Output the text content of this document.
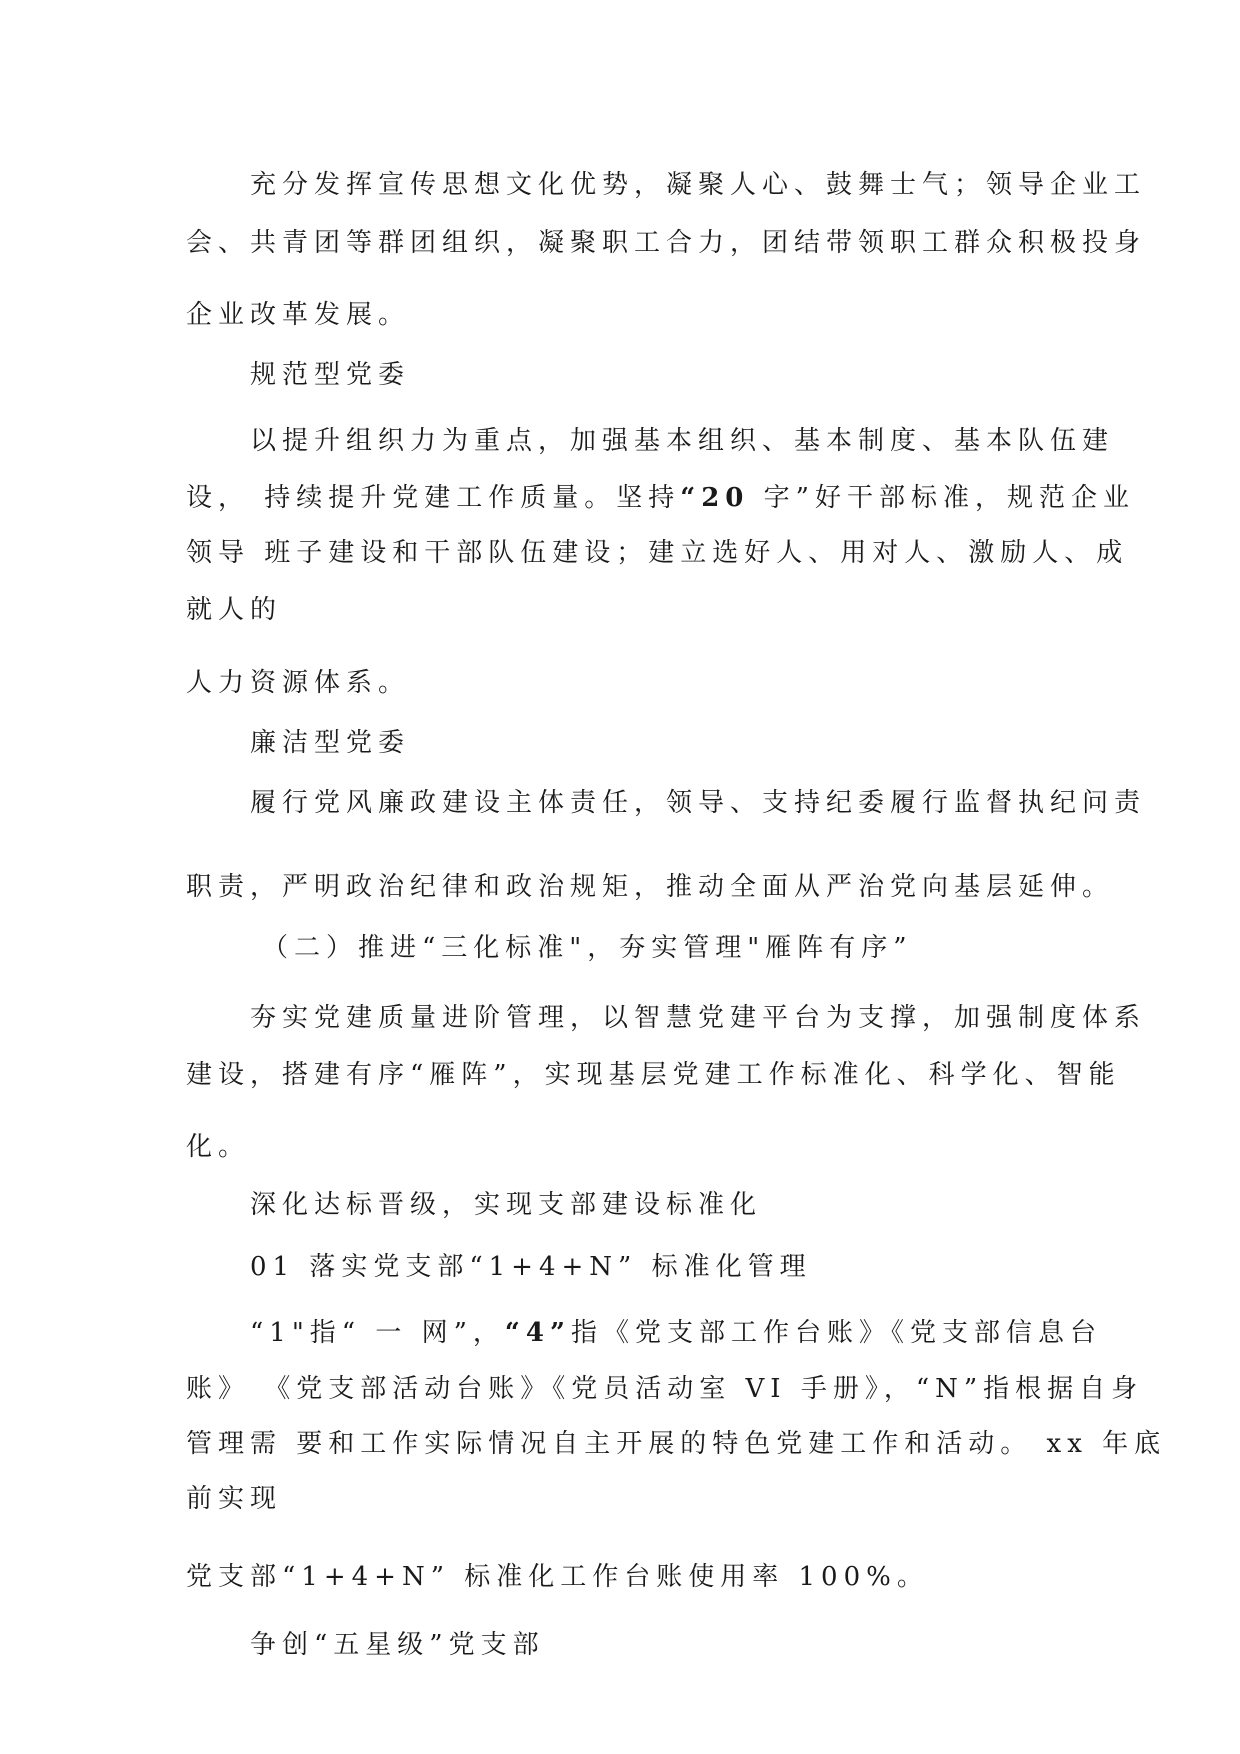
充分发挥宣传思想文化优势，凝聚人心、鼓舞士气；领导企业工
会、共青团等群团组织，凝聚职工合力，团结带领职工群众积极投身
企业改革发展。
规范型党委
以提升组织力为重点，加强基本组织、基本制度、基本队伍建
设， 持续提升党建工作质量。坚持“20 字”好干部标准，规范企业
领导 班子建设和干部队伍建设；建立选好人、用对人、激励人、成
就人的
人力资源体系。
廉洁型党委
履行党风廉政建设主体责任，领导、支持纪委履行监督执纪问责
职责，严明政治纪律和政治规矩，推动全面从严治党向基层延伸。
（二）推进“三化标准"，夯实管理"雁阵有序”
夯实党建质量进阶管理，以智慧党建平台为支撑，加强制度体系
建设，搭建有序“雁阵”，实现基层党建工作标准化、科学化、智能
化。
深化达标晋级，实现支部建设标准化
01 落实党支部“1+4+N” 标准化管理
“1"指“ 一 网”，“4”指《党支部工作台账》《党支部信息台
账》 《党支部活动台账》《党员活动室 VI 手册》，“N”指根据自身
管理需 要和工作实际情况自主开展的特色党建工作和活动。 xx 年底
前实现
党支部“1+4+N” 标准化工作台账使用率 100%。
争创“五星级”党支部
